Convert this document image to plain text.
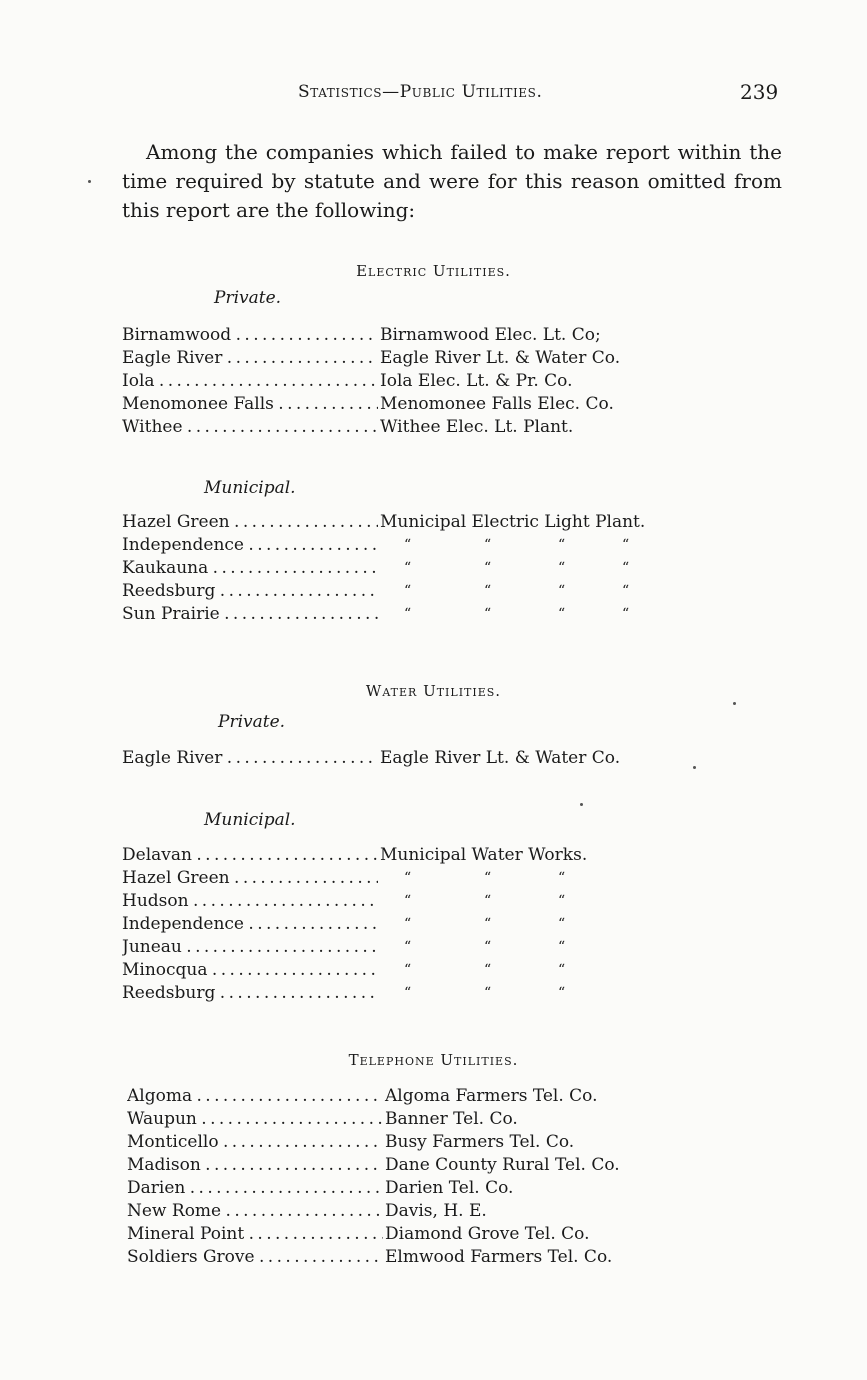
Statistics—Public Utilities.	239
Among the companies which failed to make report within the time required by statute and were for this reason omitted from this report are the following:
Electric Utilities.
Private.
Birnamwood . . .	Birnamwood Elec. Lt. Co;
Eagle River . . .	Eagle River Lt. & Water Co.
Iola . . .	Iola Elec. Lt. & Pr. Co.
Menomonee Falls . . .	Menomonee Falls Elec. Co.
Withee . . .	Withee Elec. Lt. Plant.
Municipal.
Hazel Green . . .	Municipal Electric Light Plant.
Independence . . .	“	“	“	“
Kaukauna . . .	“	“	“	“
Reedsburg . . .	“	“	“	“
Sun Prairie . . .	“	“	“	“
Water Utilities.
Private.
Eagle River . . .	Eagle River Lt. & Water Co.
Municipal.
Delavan . . .	Municipal Water Works.
Hazel Green . . .	“	“	“
Hudson . . .	“	“	“
Independence . . .	“	“	“
Juneau . . .	“	“	“
Minocqua . . .	“	“	“
Reedsburg . . .	“	“	“
Telephone Utilities.
Algoma . . .	Algoma Farmers Tel. Co.
Waupun . . .	Banner Tel. Co.
Monticello . . .	Busy Farmers Tel. Co.
Madison . . .	Dane County Rural Tel. Co.
Darien . . .	Darien Tel. Co.
New Rome . . .	Davis, H. E.
Mineral Point . . .	Diamond Grove Tel. Co.
Soldiers Grove . . .	Elmwood Farmers Tel. Co.
